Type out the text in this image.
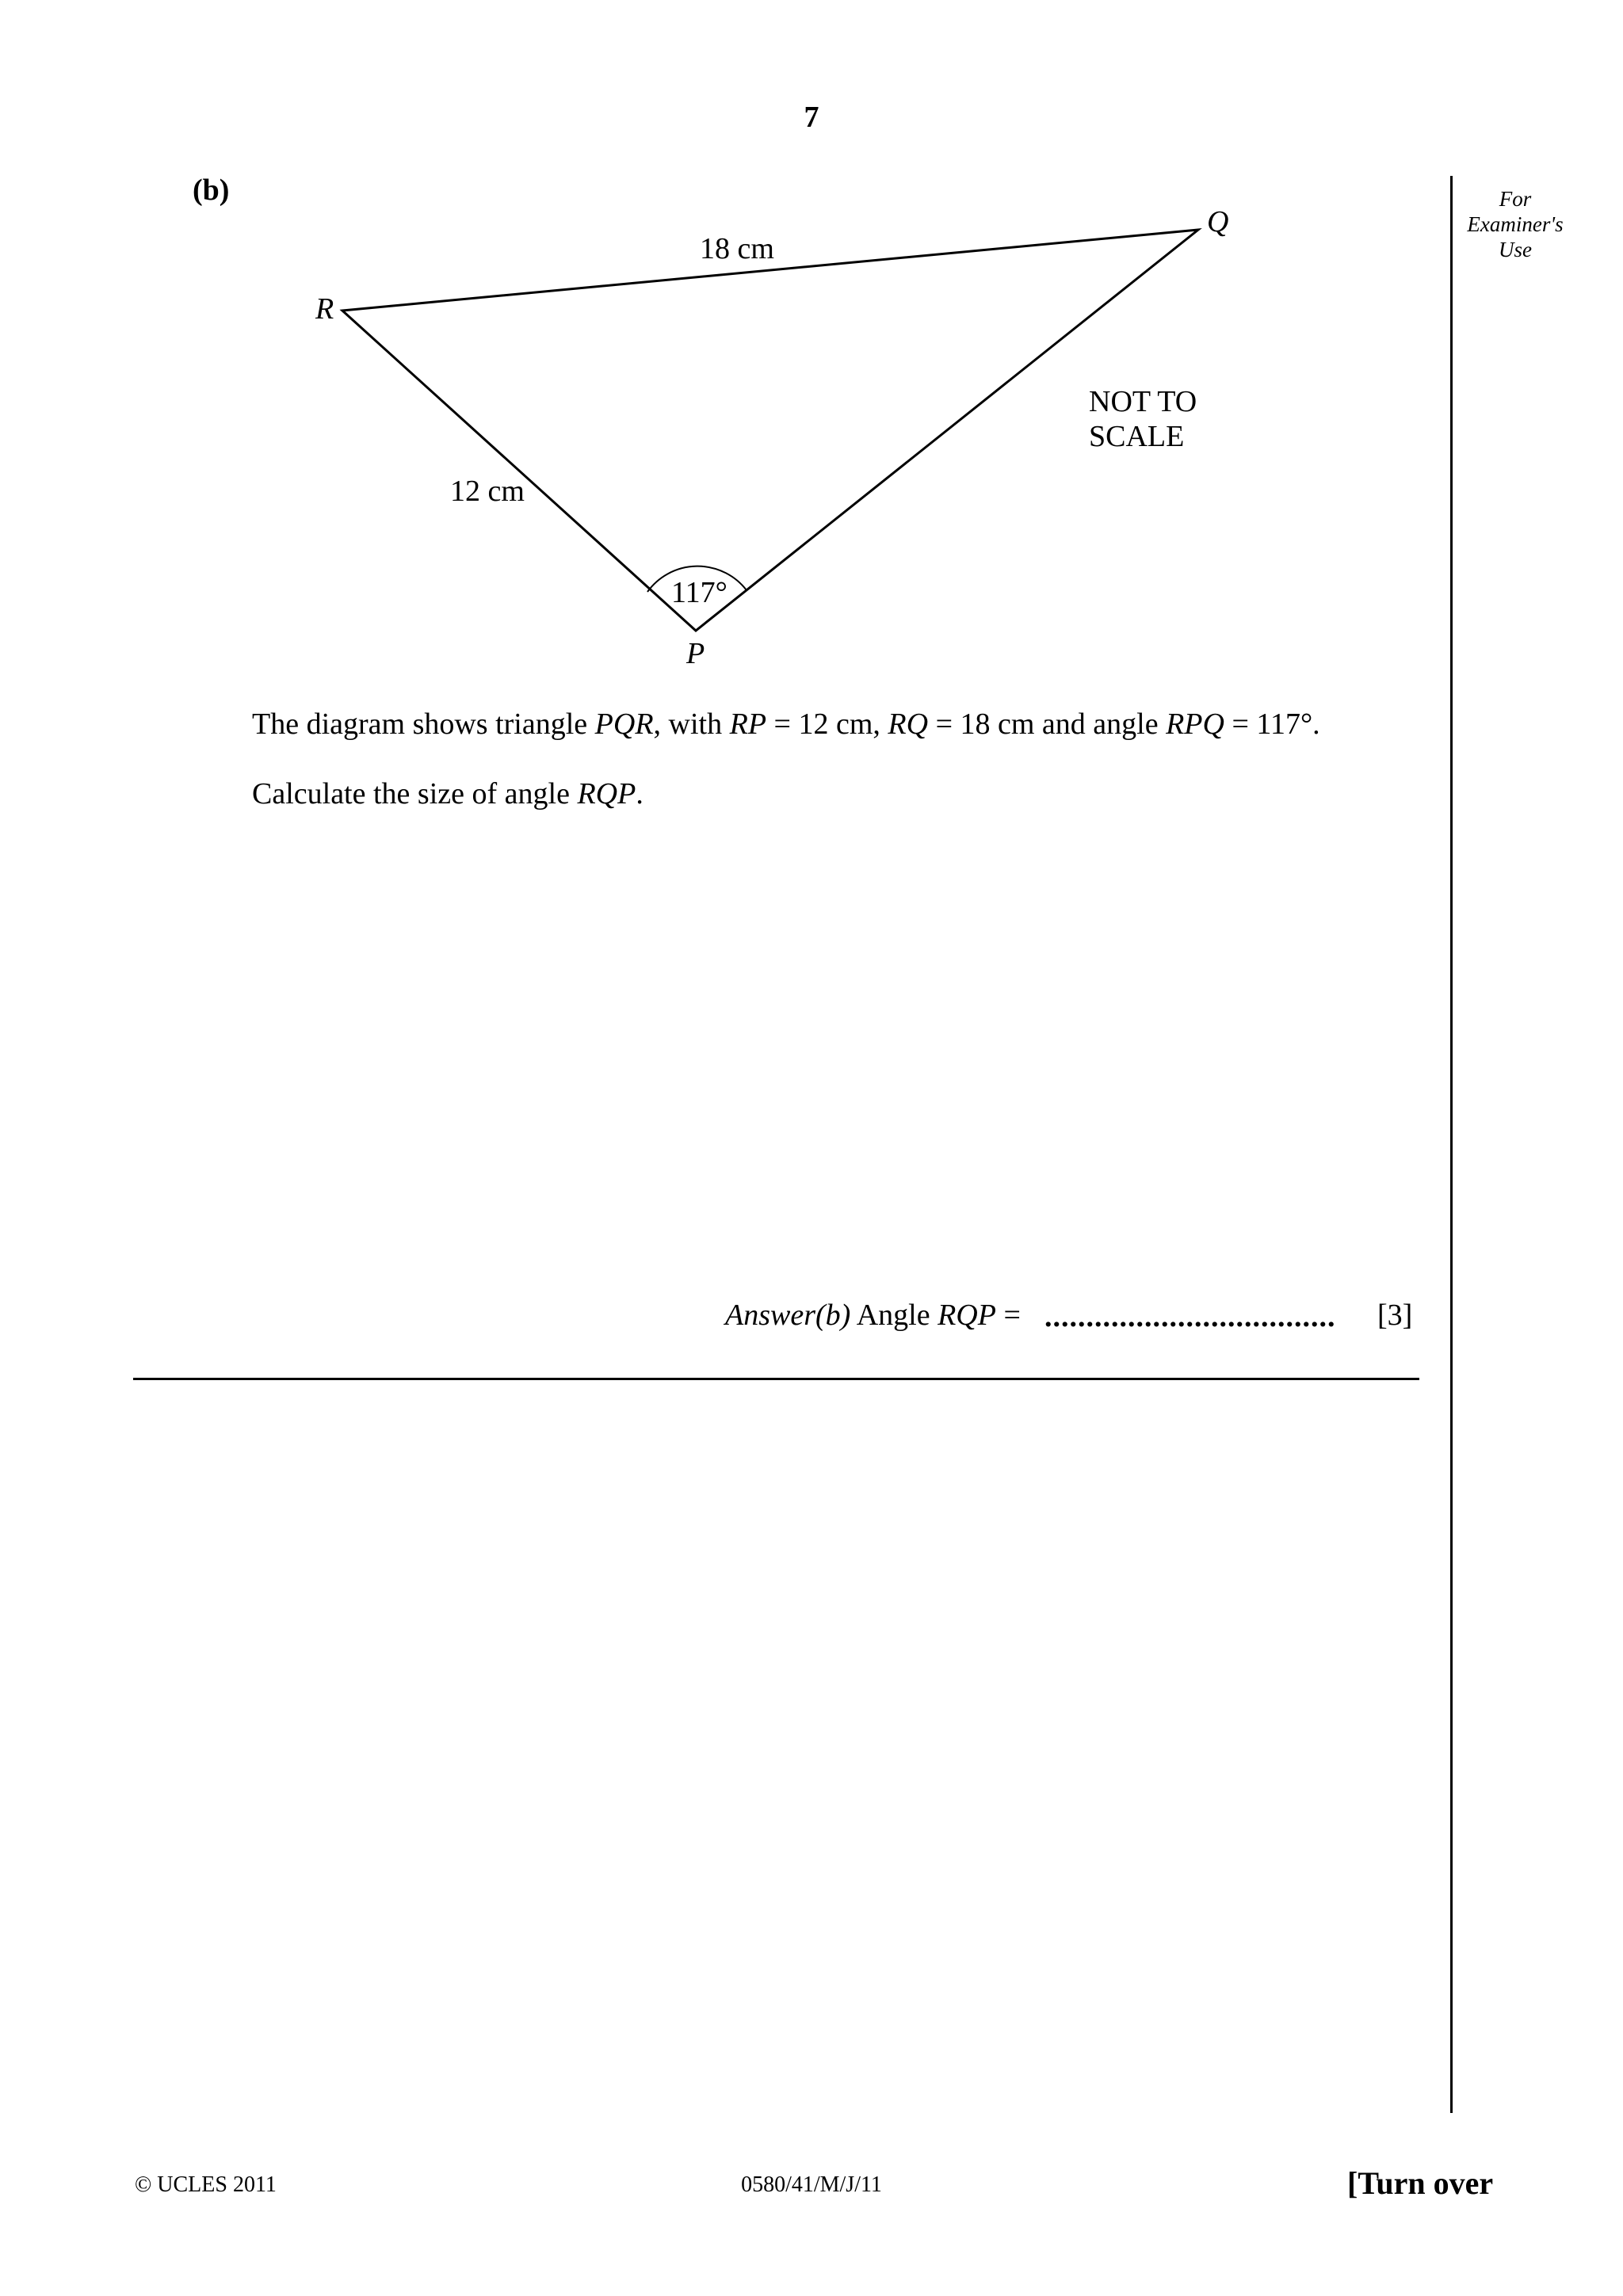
7
(b)	For
Examiner's
Use
R
Q
P
18 cm
12 cm
117°
NOT TO
SCALE
The diagram shows triangle PQR, with RP = 12 cm, RQ = 18 cm and angle RPQ = 117°.
Calculate the size of angle RQP.
Answer(b) Angle RQP = ................................... [3]
© UCLES 2011	0580/41/M/J/11	[Turn over
